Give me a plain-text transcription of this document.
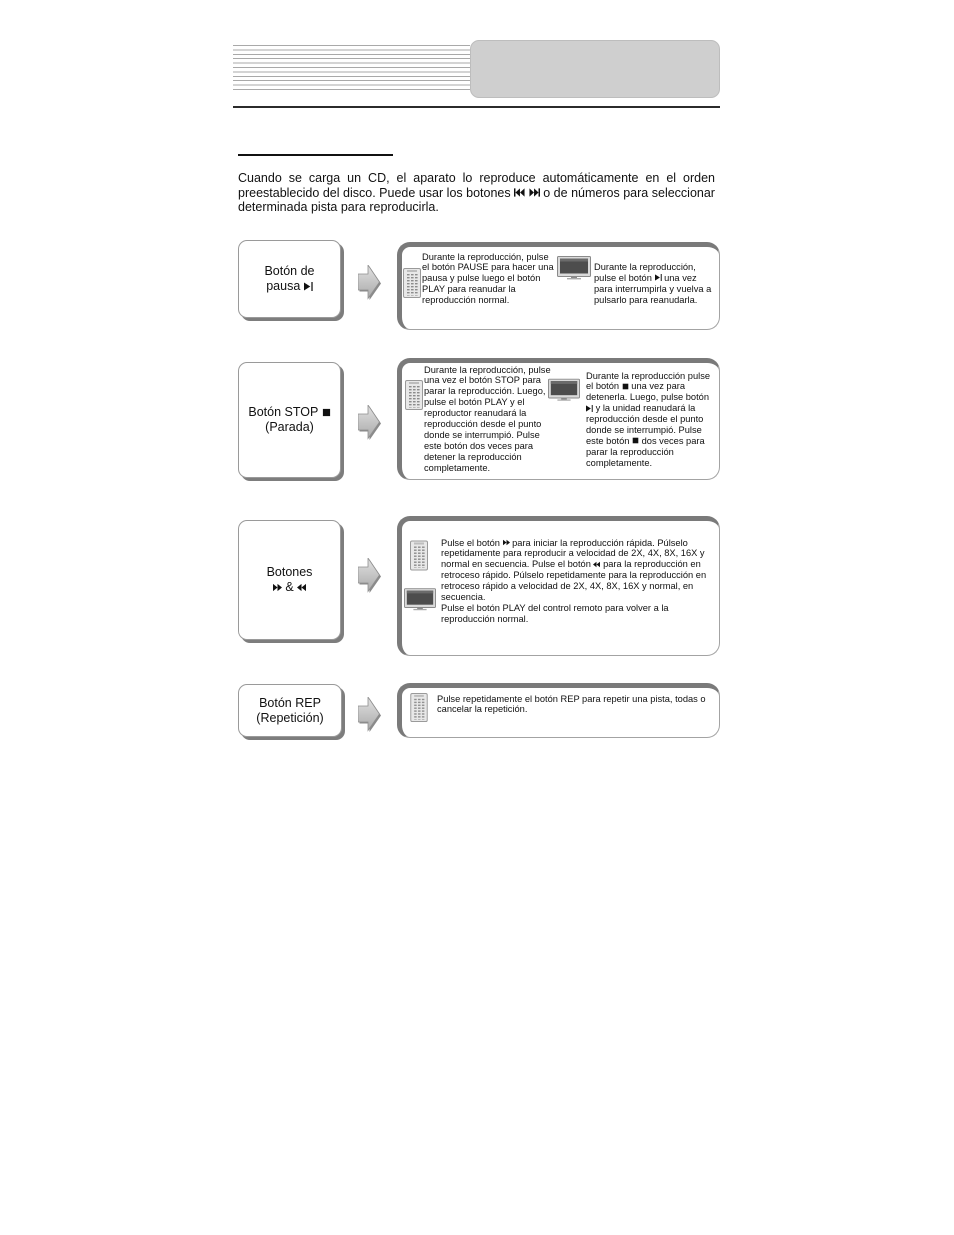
Cuando se carga un CD, el aparato lo reproduce automáticamente en el orden preestablecido del disco. Puede usar los botones	o de números para seleccionar determinada pista para reproducirla.
Botón de
pausa
Durante la reproducción, pulse el botón PAUSE para hacer una pausa y pulse luego el botón PLAY para reanudar la reproducción normal.
Durante la reproducción, pulse el botón una vez para interrumpirla y vuelva a pulsarlo para reanudarla.
Botón STOP
(Parada)
Durante la reproducción, pulse una vez el botón STOP para parar la reproducción. Luego, pulse el botón PLAY y el reproductor reanudará la reproducción desde el punto donde se interrumpió. Pulse este botón dos veces para detener la reproducción completamente.
Durante la reproducción pulse el botón una vez para detenerla. Luego, pulse botón  y la unidad reanudará la reproducción desde el punto donde se interrumpió. Pulse este botón dos veces para parar la reproducción completamente.
Botones
&
Pulse el botón para iniciar la reproducción rápida. Púlselo repetidamente para reproducir a velocidad de 2X, 4X, 8X, 16X y normal en secuencia. Pulse el botón para la reproducción en retroceso rápido. Púlselo repetidamente para la reproducción en retroceso rápido a velocidad de 2X, 4X, 8X, 16X y normal, en secuencia.
Pulse el botón PLAY del control remoto para volver a la reproducción normal.
Botón REP
(Repetición)
Pulse repetidamente el botón REP para repetir una pista, todas o cancelar la repetición.
